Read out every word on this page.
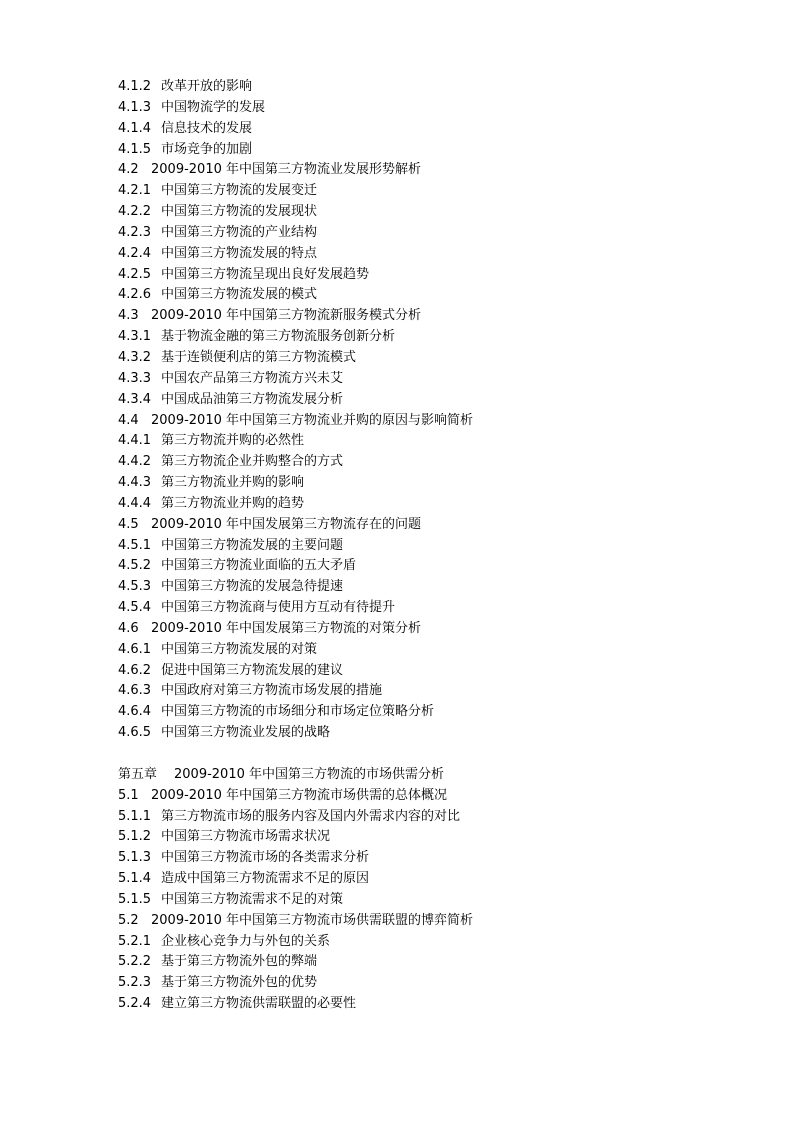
4.1.2 改革开放的影响
4.1.3 中国物流学的发展
4.1.4 信息技术的发展
4.1.5 市场竞争的加剧
4.2 2009-2010 年中国第三方物流业发展形势解析
4.2.1 中国第三方物流的发展变迁
4.2.2 中国第三方物流的发展现状
4.2.3 中国第三方物流的产业结构
4.2.4 中国第三方物流发展的特点
4.2.5 中国第三方物流呈现出良好发展趋势
4.2.6 中国第三方物流发展的模式
4.3 2009-2010 年中国第三方物流新服务模式分析
4.3.1 基于物流金融的第三方物流服务创新分析
4.3.2 基于连锁便利店的第三方物流模式
4.3.3 中国农产品第三方物流方兴未艾
4.3.4 中国成品油第三方物流发展分析
4.4 2009-2010 年中国第三方物流业并购的原因与影响简析
4.4.1 第三方物流并购的必然性
4.4.2 第三方物流企业并购整合的方式
4.4.3 第三方物流业并购的影响
4.4.4 第三方物流业并购的趋势
4.5 2009-2010 年中国发展第三方物流存在的问题
4.5.1 中国第三方物流发展的主要问题
4.5.2 中国第三方物流业面临的五大矛盾
4.5.3 中国第三方物流的发展急待提速
4.5.4 中国第三方物流商与使用方互动有待提升
4.6 2009-2010 年中国发展第三方物流的对策分析
4.6.1 中国第三方物流发展的对策
4.6.2 促进中国第三方物流发展的建议
4.6.3 中国政府对第三方物流市场发展的措施
4.6.4 中国第三方物流的市场细分和市场定位策略分析
4.6.5 中国第三方物流业发展的战略
第五章	2009-2010 年中国第三方物流的市场供需分析
5.1 2009-2010 年中国第三方物流市场供需的总体概况
5.1.1 第三方物流市场的服务内容及国内外需求内容的对比
5.1.2 中国第三方物流市场需求状况
5.1.3 中国第三方物流市场的各类需求分析
5.1.4 造成中国第三方物流需求不足的原因
5.1.5 中国第三方物流需求不足的对策
5.2 2009-2010 年中国第三方物流市场供需联盟的博弈简析
5.2.1 企业核心竞争力与外包的关系
5.2.2 基于第三方物流外包的弊端
5.2.3 基于第三方物流外包的优势
5.2.4 建立第三方物流供需联盟的必要性
